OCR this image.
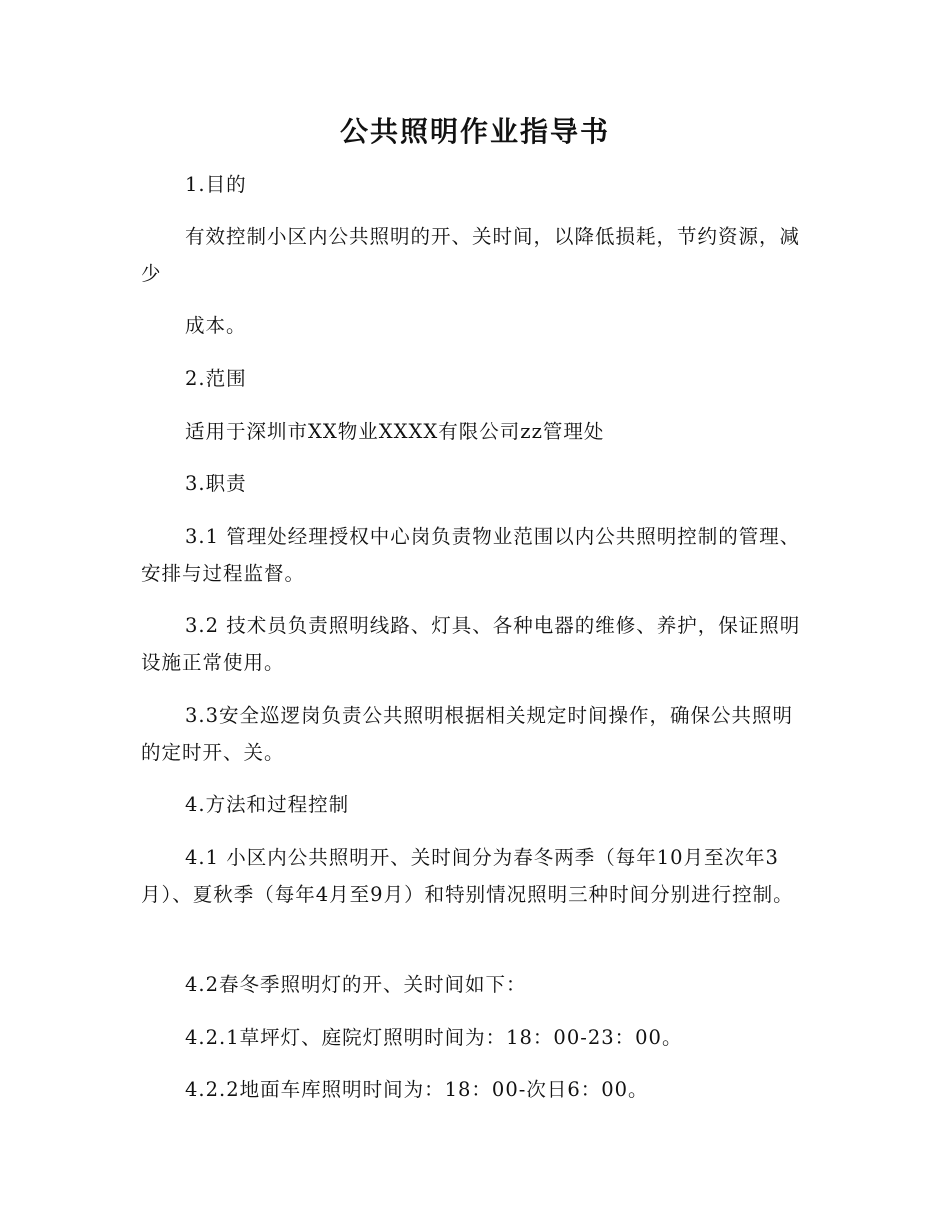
公共照明作业指导书

1.目的

有效控制小区内公共照明的开、关时间，以降低损耗，节约资源，减少

成本。

2.范围

适用于深圳市XX物业XXXX有限公司zz管理处

3.职责

3.1 管理处经理授权中心岗负责物业范围以内公共照明控制的管理、安排与过程监督。

3.2 技术员负责照明线路、灯具、各种电器的维修、养护，保证照明设施正常使用。

3.3安全巡逻岗负责公共照明根据相关规定时间操作，确保公共照明的定时开、关。

4.方法和过程控制

4.1 小区内公共照明开、关时间分为春冬两季（每年10月至次年3月）、夏秋季（每年4月至9月）和特别情况照明三种时间分别进行控制。

4.2春冬季照明灯的开、关时间如下：

4.2.1草坪灯、庭院灯照明时间为：18：00-23：00。

4.2.2地面车库照明时间为：18：00-次日6：00。
